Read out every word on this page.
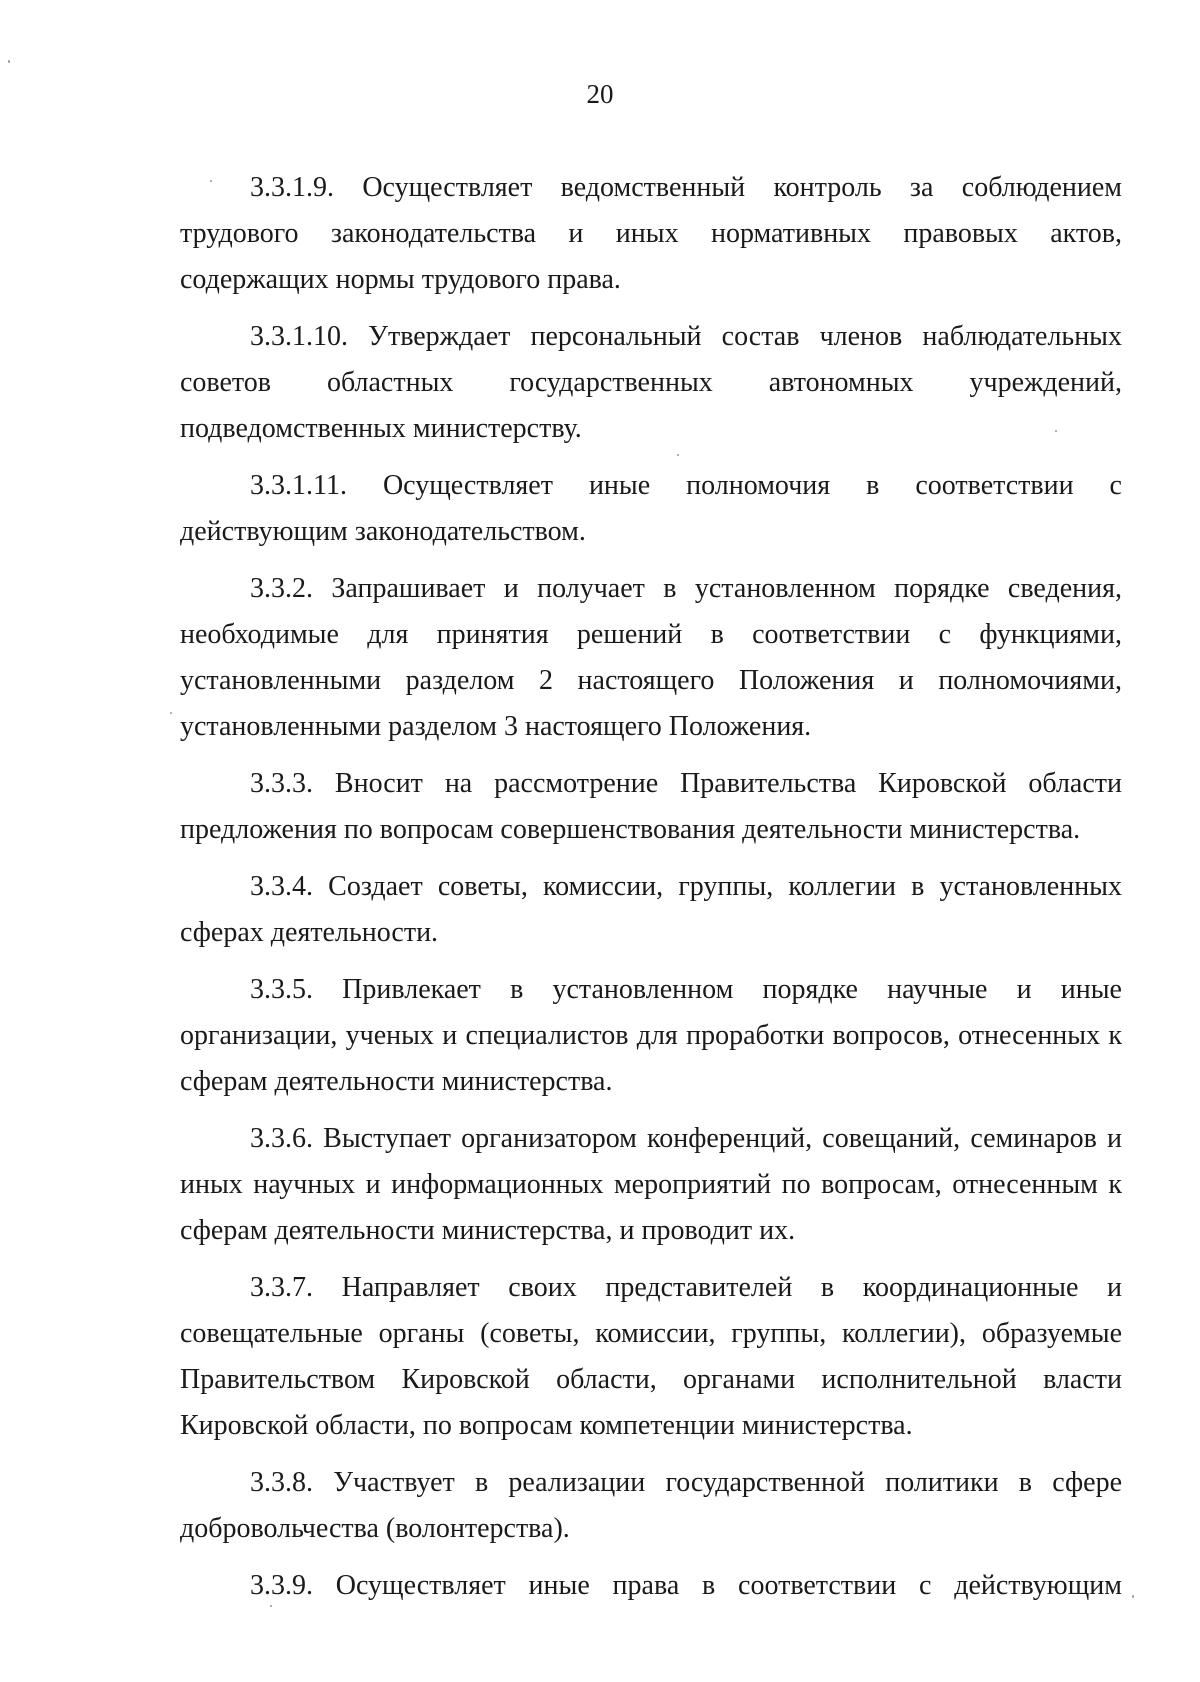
20

3.3.1.9. Осуществляет ведомственный контроль за соблюдением трудового законодательства и иных нормативных правовых актов, содержащих нормы трудового права.

3.3.1.10. Утверждает персональный состав членов наблюдательных советов областных государственных автономных учреждений, подведомственных министерству.

3.3.1.11. Осуществляет иные полномочия в соответствии с действующим законодательством.

3.3.2. Запрашивает и получает в установленном порядке сведения, необходимые для принятия решений в соответствии с функциями, установленными разделом 2 настоящего Положения и полномочиями, установленными разделом 3 настоящего Положения.

3.3.3. Вносит на рассмотрение Правительства Кировской области предложения по вопросам совершенствования деятельности министерства.

3.3.4. Создает советы, комиссии, группы, коллегии в установленных сферах деятельности.

3.3.5. Привлекает в установленном порядке научные и иные организации, ученых и специалистов для проработки вопросов, отнесенных к сферам деятельности министерства.

3.3.6. Выступает организатором конференций, совещаний, семинаров и иных научных и информационных мероприятий по вопросам, отнесенным к сферам деятельности министерства, и проводит их.

3.3.7. Направляет своих представителей в координационные и совещательные органы (советы, комиссии, группы, коллегии), образуемые Правительством Кировской области, органами исполнительной власти Кировской области, по вопросам компетенции министерства.

3.3.8. Участвует в реализации государственной политики в сфере добровольчества (волонтерства).

3.3.9. Осуществляет иные права в соответствии с действующим
